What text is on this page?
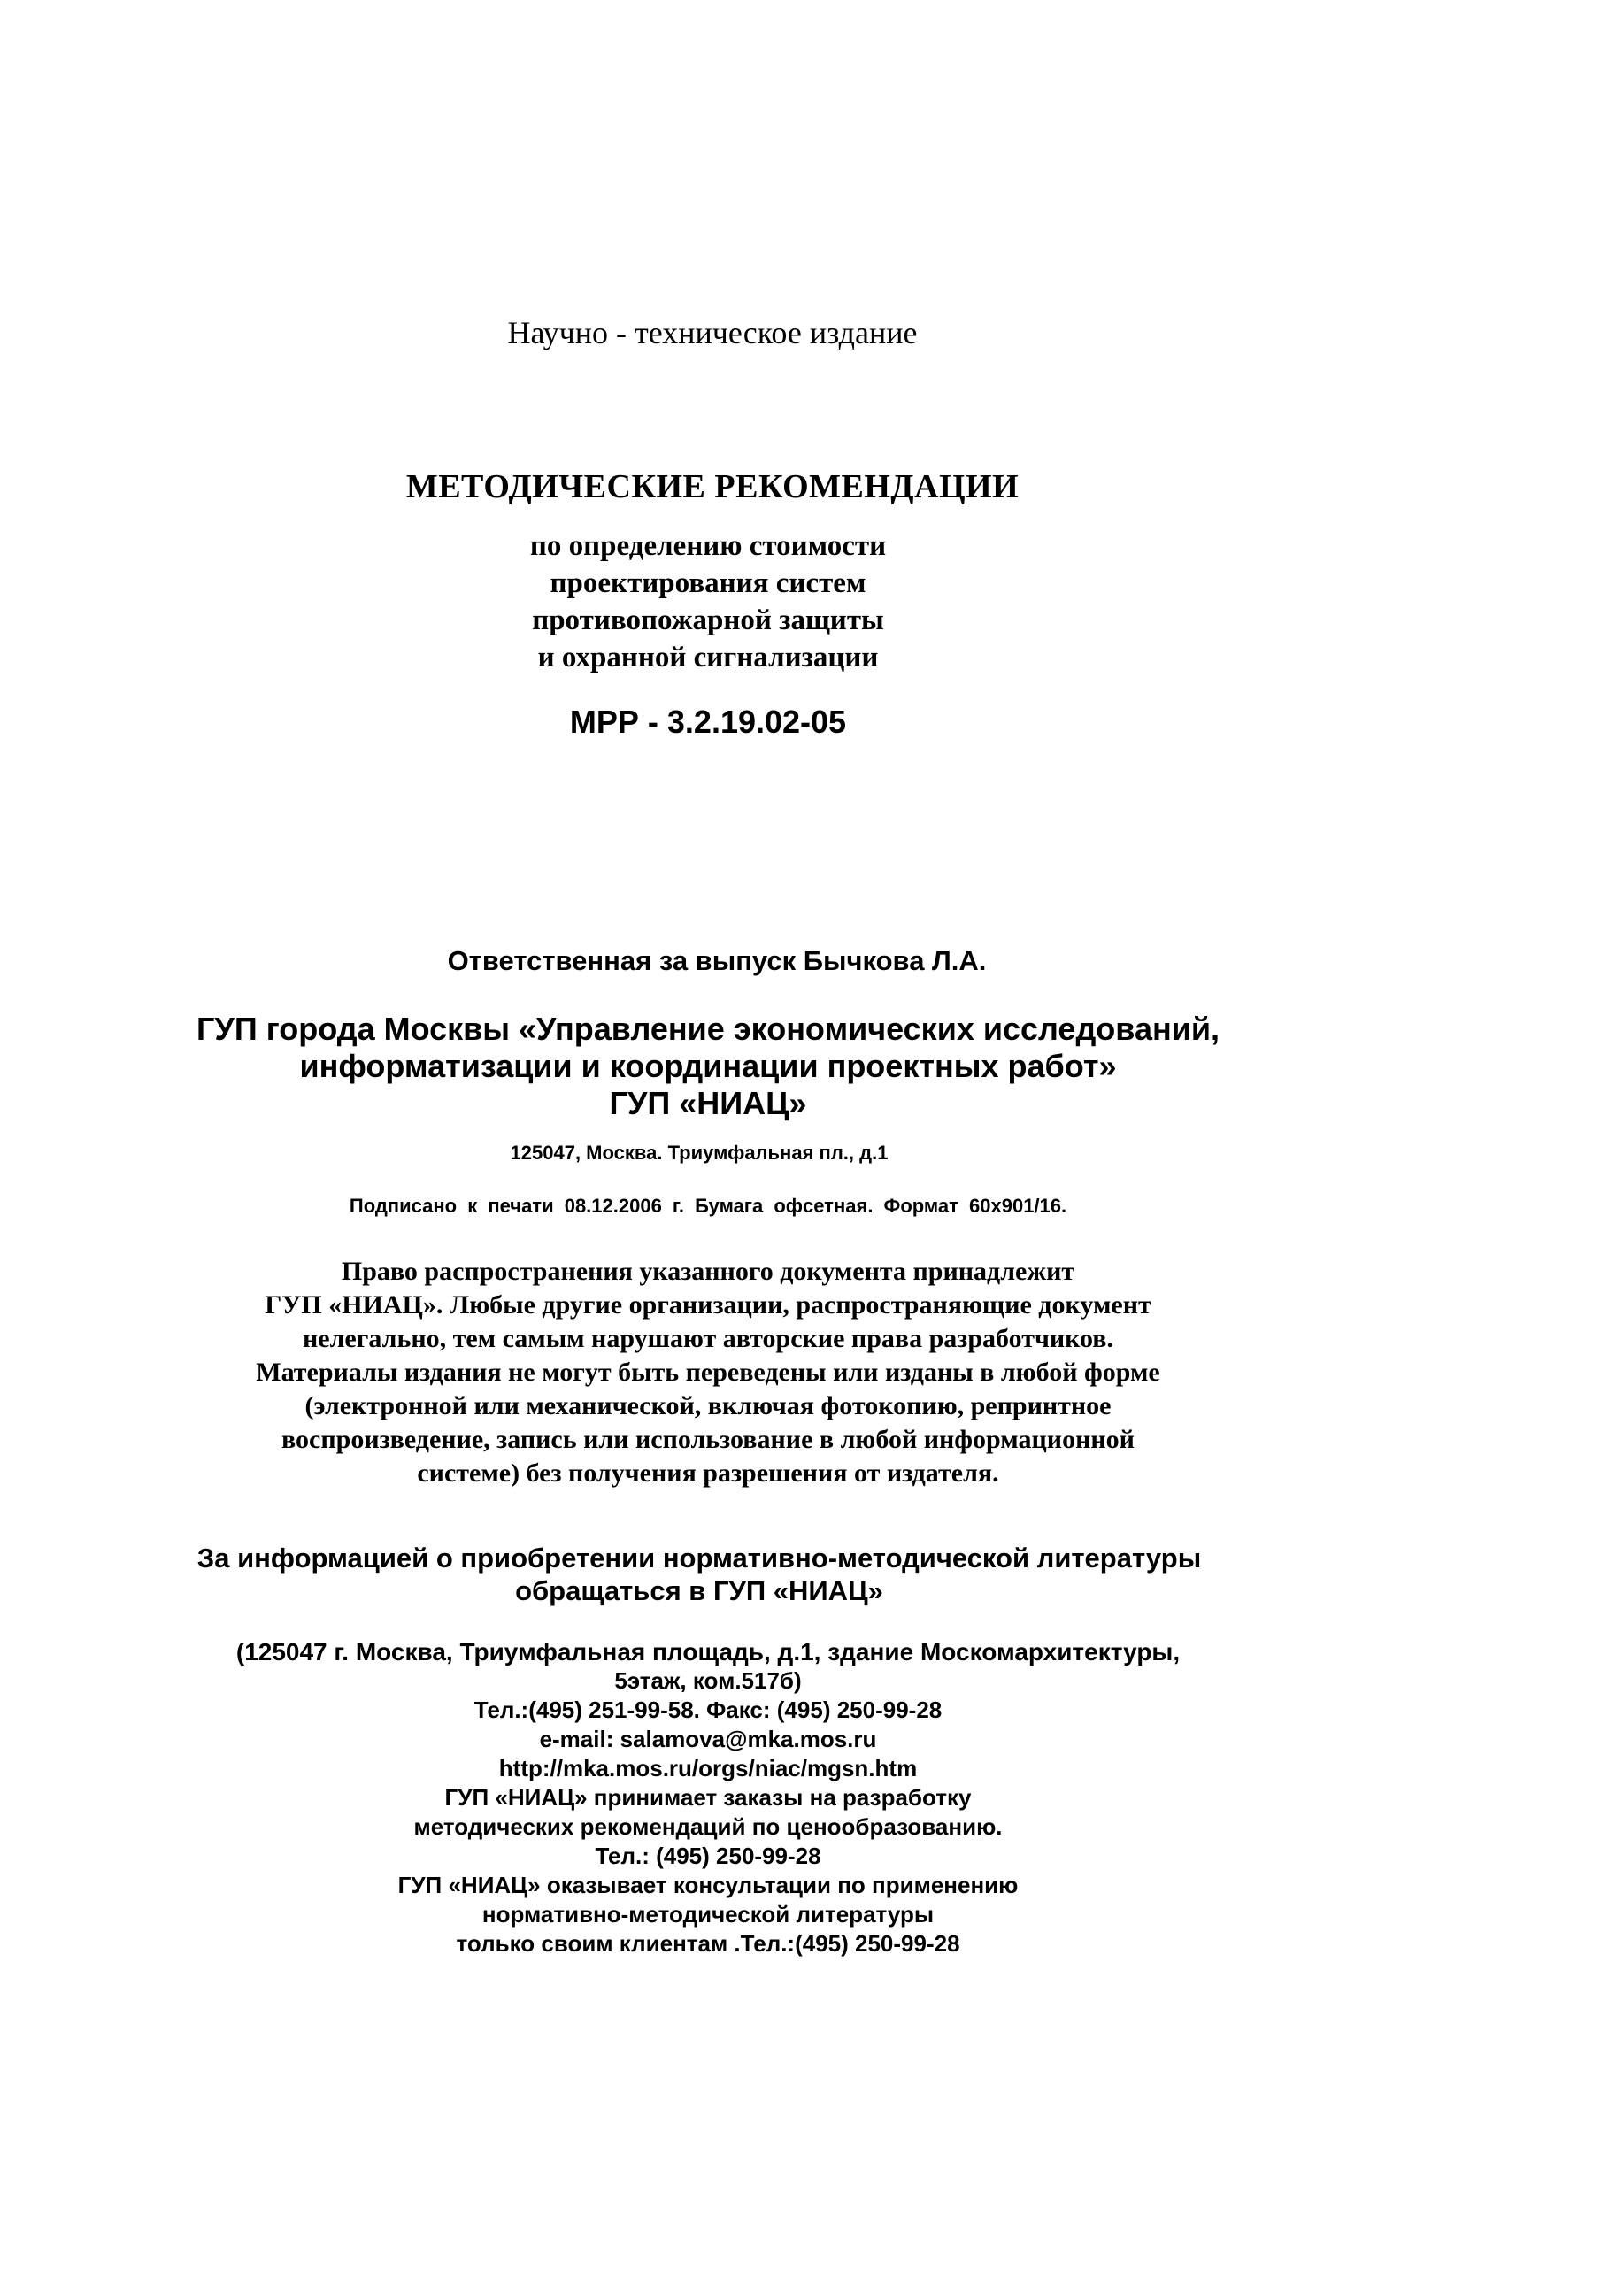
Научно - техническое издание

МЕТОДИЧЕСКИЕ РЕКОМЕНДАЦИИ
по определению стоимости
проектирования систем
противопожарной защиты
и охранной сигнализации

МРР - 3.2.19.02-05

Ответственная за выпуск Бычкова Л.А.

ГУП города Москвы «Управление экономических исследований,
информатизации и координации проектных работ»
ГУП «НИАЦ»

125047, Москва. Триумфальная пл., д.1

Подписано к печати 08.12.2006 г. Бумага офсетная. Формат 60х901/16.

Право распространения указанного документа принадлежит
ГУП «НИАЦ». Любые другие организации, распространяющие документ
нелегально, тем самым нарушают авторские права разработчиков.
Материалы издания не могут быть переведены или изданы в любой форме
(электронной или механической, включая фотокопию, репринтное
воспроизведение, запись или использование в любой информационной
системе) без получения разрешения от издателя.
За информацией о приобретении нормативно-методической литературы
обращаться в ГУП «НИАЦ»
(125047 г. Москва, Триумфальная площадь, д.1, здание Москомархитектуры,
5этаж, ком.517б)
Тел.:(495) 251-99-58. Факс: (495) 250-99-28
e-mail: salamova@mka.mos.ru
http://mka.mos.ru/orgs/niac/mgsn.htm
ГУП «НИАЦ» принимает заказы на разработку
методических рекомендаций по ценообразованию.
Тел.: (495) 250-99-28
ГУП «НИАЦ» оказывает консультации по применению
нормативно-методической литературы
только своим клиентам .Тел.:(495) 250-99-28
